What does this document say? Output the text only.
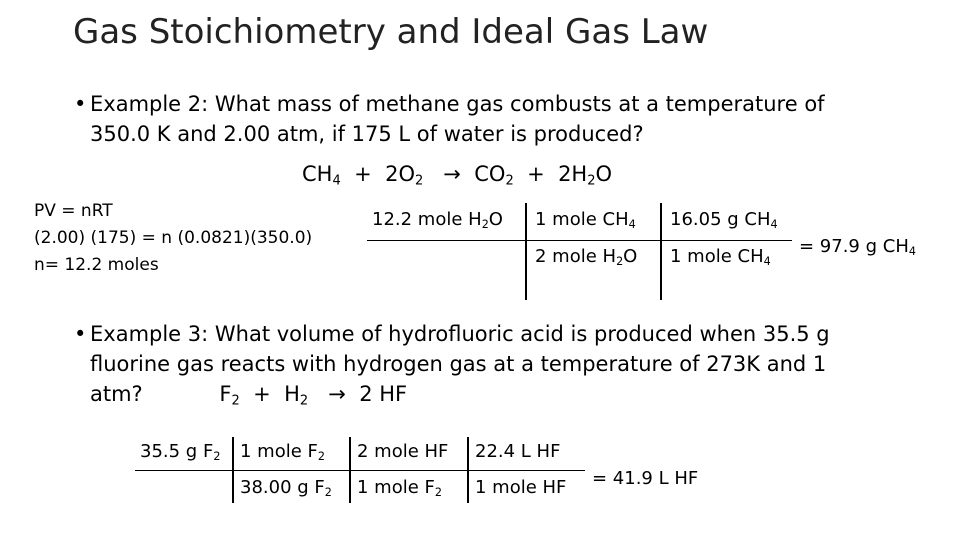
Gas Stoichiometry and Ideal Gas Law
• Example 2: What mass of methane gas combusts at a temperature of
350.0 K and 2.00 atm, if 175 L of water is produced?
$CH_4 + 2O_2 \to CO_2 + 2H_2O$
PV = nRT
(2.00) (175) = n (0.0821)(350.0)
n= 12.2 moles
12.2 mole $H_2O$ 1 mole $CH_4$
2 mole $H_2O$
16.05 g $CH_4$
1 mole $CH_4$
= 97.9 g $CH_4$
• Example 3: What volume of hydrofluoric acid is produced when 35.5 g
fluorine gas reacts with hydrogen gas at a temperature of 273K and 1
atm?	$F_2 + H_2 \to 2$ HF
35.5 g $F_2$ 1 mole $F_2$
38.00 g $F_2$
2 mole HF
1 mole $F_2$
22.4 L HF
1 mole HF = 41.9 L HF
